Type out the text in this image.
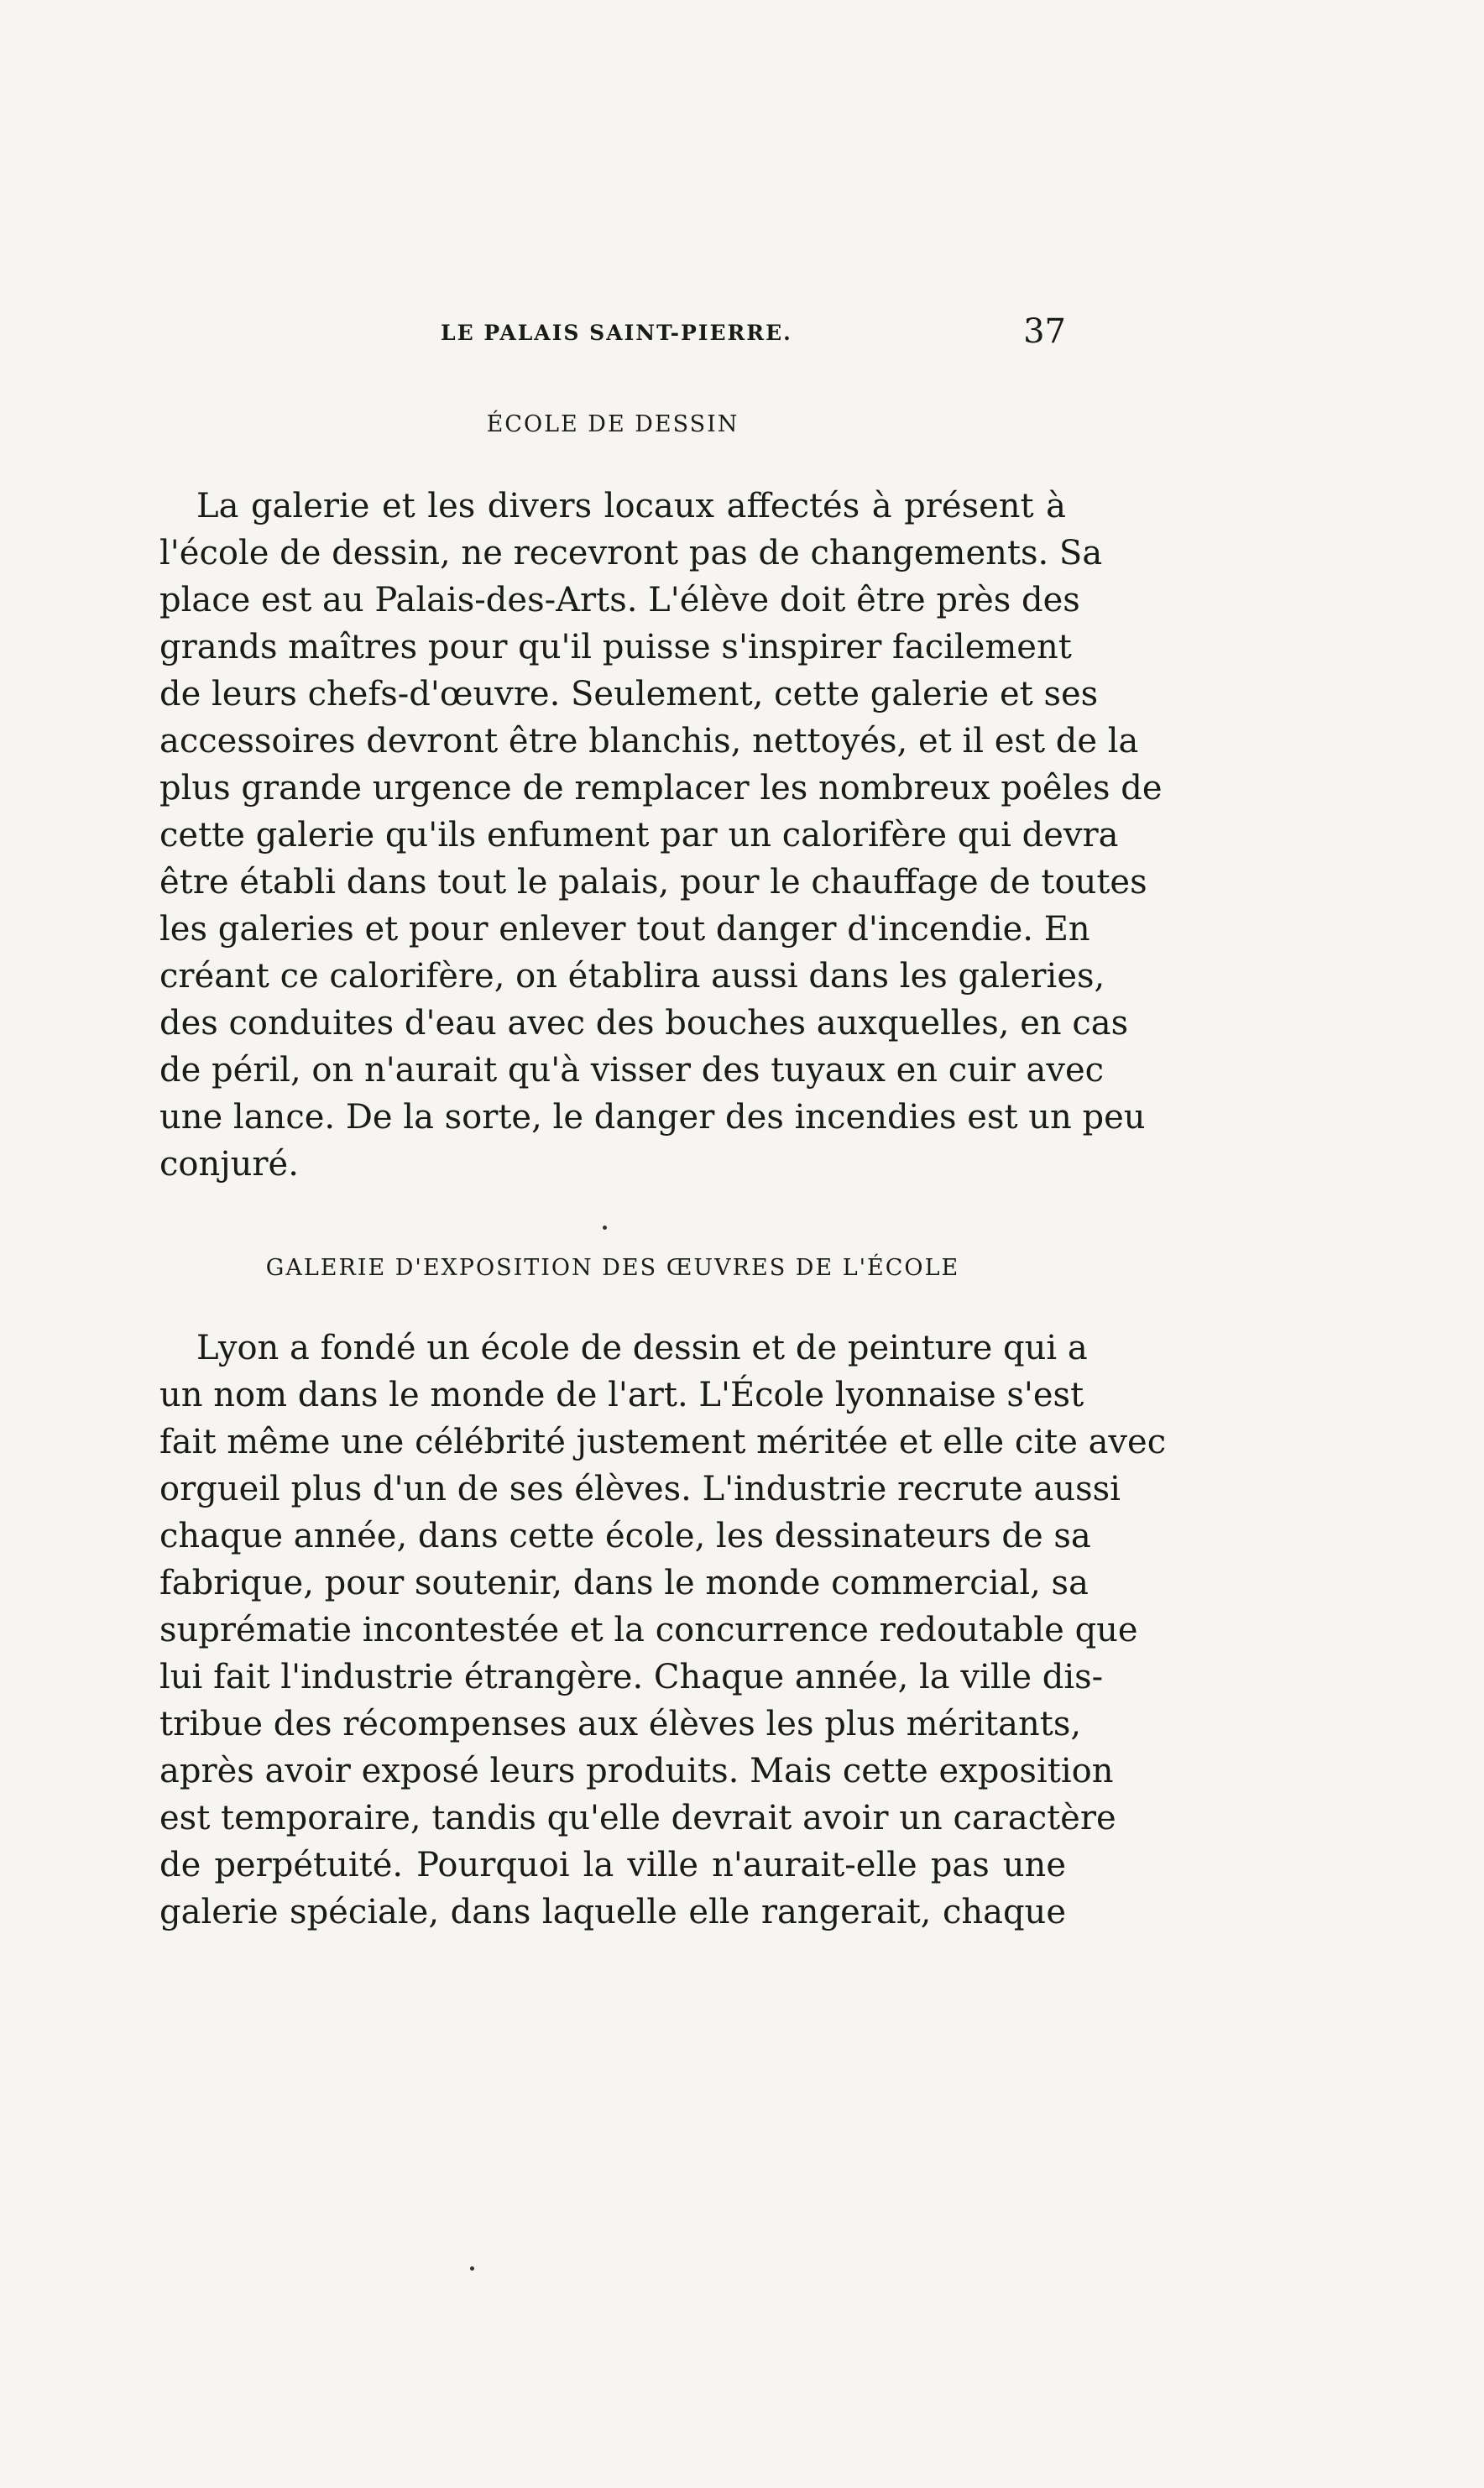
LE PALAIS SAINT-PIERRE.	37
ÉCOLE DE DESSIN
La galerie et les divers locaux affectés à présent à
l'école de dessin, ne recevront pas de changements. Sa
place est au Palais-des-Arts. L'élève doit être près des
grands maîtres pour qu'il puisse s'inspirer facilement
de leurs chefs-d'œuvre. Seulement, cette galerie et ses
accessoires devront être blanchis, nettoyés, et il est de la
plus grande urgence de remplacer les nombreux poêles de
cette galerie qu'ils enfument par un calorifère qui devra
être établi dans tout le palais, pour le chauffage de toutes
les galeries et pour enlever tout danger d'incendie. En
créant ce calorifère, on établira aussi dans les galeries,
des conduites d'eau avec des bouches auxquelles, en cas
de péril, on n'aurait qu'à visser des tuyaux en cuir avec
une lance. De la sorte, le danger des incendies est un peu
conjuré.
GALERIE D'EXPOSITION DES ŒUVRES DE L'ÉCOLE
Lyon a fondé un école de dessin et de peinture qui a
un nom dans le monde de l'art. L'École lyonnaise s'est
fait même une célébrité justement méritée et elle cite avec
orgueil plus d'un de ses élèves. L'industrie recrute aussi
chaque année, dans cette école, les dessinateurs de sa
fabrique, pour soutenir, dans le monde commercial, sa
suprématie incontestée et la concurrence redoutable que
lui fait l'industrie étrangère. Chaque année, la ville dis-
tribue des récompenses aux élèves les plus méritants,
après avoir exposé leurs produits. Mais cette exposition
est temporaire, tandis qu'elle devrait avoir un caractère
de perpétuité. Pourquoi la ville n'aurait-elle pas une
galerie spéciale, dans laquelle elle rangerait, chaque
